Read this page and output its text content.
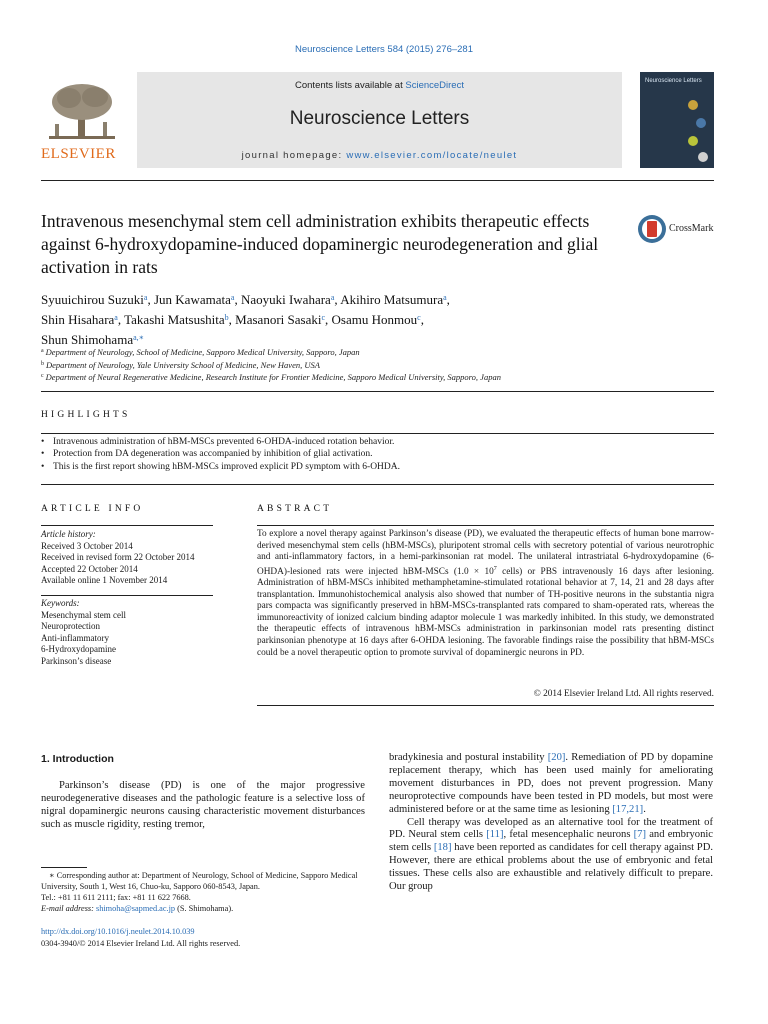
Neuroscience Letters 584 (2015) 276–281
ELSEVIER
Contents lists available at ScienceDirect
Neuroscience Letters
journal homepage: www.elsevier.com/locate/neulet
Neuroscience Letters
Intravenous mesenchymal stem cell administration exhibits therapeutic effects against 6-hydroxydopamine-induced dopaminergic neurodegeneration and glial activation in rats
CrossMark
Syuuichirou Suzuki$^a$, Jun Kawamata$^a$, Naoyuki Iwahara$^a$, Akihiro Matsumura$^a$,
Shin Hisahara$^a$, Takashi Matsushita$^b$, Masanori Sasaki$^c$, Osamu Honmou$^c$,
Shun Shimohama$^{a,∗}$
$^a$ Department of Neurology, School of Medicine, Sapporo Medical University, Sapporo, Japan
$^b$ Department of Neurology, Yale University School of Medicine, New Haven, USA
$^c$ Department of Neural Regenerative Medicine, Research Institute for Frontier Medicine, Sapporo Medical University, Sapporo, Japan
HIGHLIGHTS
• Intravenous administration of hBM-MSCs prevented 6-OHDA-induced rotation behavior.
• Protection from DA degeneration was accompanied by inhibition of glial activation.
• This is the first report showing hBM-MSCs improved explicit PD symptom with 6-OHDA.
ARTICLE INFO
Article history:
Received 3 October 2014
Received in revised form 22 October 2014
Accepted 22 October 2014
Available online 1 November 2014
Keywords:
Mesenchymal stem cell
Neuroprotection
Anti-inflammatory
6-Hydroxydopamine
Parkinson’s disease
ABSTRACT
To explore a novel therapy against Parkinson’s disease (PD), we evaluated the therapeutic effects of human bone marrow-derived mesenchymal stem cells (hBM-MSCs), pluripotent stromal cells with secretory potential of various neurotrophic and anti-inflammatory factors, in a hemi-parkinsonian rat model. The unilateral intrastriatal 6-hydroxydopamine (6-OHDA)-lesioned rats were injected hBM-MSCs ($1.0 \times 10^7$ cells) or PBS intravenously 16 days after lesioning. Administration of hBM-MSCs inhibited methamphetamine-stimulated rotational behavior at 7, 14, 21 and 28 days after transplantation. Immunohistochemical analysis also showed that number of TH-positive neurons in the substantia nigra pars compacta was significantly preserved in hBM-MSCs-transplanted rats compared to sham-operated rats, whereas the immunoreactivity of ionized calcium binding adaptor molecule 1 was markedly inhibited. In this study, we demonstrated the therapeutic effects of intravenous hBM-MSCs administration in parkinsonian model rats presenting distinct parkinsonian phenotype at 16 days after 6-OHDA lesioning. The favorable findings raise the possibility that hBM-MSCs could be a novel therapeutic option to promote survival of dopaminergic neurons in PD.
© 2014 Elsevier Ireland Ltd. All rights reserved.
1. Introduction

Parkinson’s disease (PD) is one of the major progressive neurodegenerative diseases and the pathologic feature is a selective loss of nigral dopaminergic neurons causing characteristic movement disturbances such as muscle rigidity, resting tremor,

bradykinesia and postural instability [20]. Remediation of PD by dopamine replacement therapy, which has been used mainly for ameliorating movement disturbances in PD, does not prevent progression. Many neuroprotective compounds have been tested in PD models, but most were administered before or at the same time as lesioning [17,21].

Cell therapy was developed as an alternative tool for the treatment of PD. Neural stem cells [11], fetal mesencephalic neurons [7] and embryonic stem cells [18] have been reported as candidates for cell therapy against PD. However, there are ethical problems about the use of embryonic and fetal tissues. These cells also are exhaustible and relatively difficult to prepare. Our group

∗ Corresponding author at: Department of Neurology, School of Medicine, Sapporo Medical University, South 1, West 16, Chuo-ku, Sapporo 060-8543, Japan.
Tel.: +81 11 611 2111; fax: +81 11 622 7668.
E-mail address: shimoha@sapmed.ac.jp (S. Shimohama).
http://dx.doi.org/10.1016/j.neulet.2014.10.039
0304-3940/© 2014 Elsevier Ireland Ltd. All rights reserved.
